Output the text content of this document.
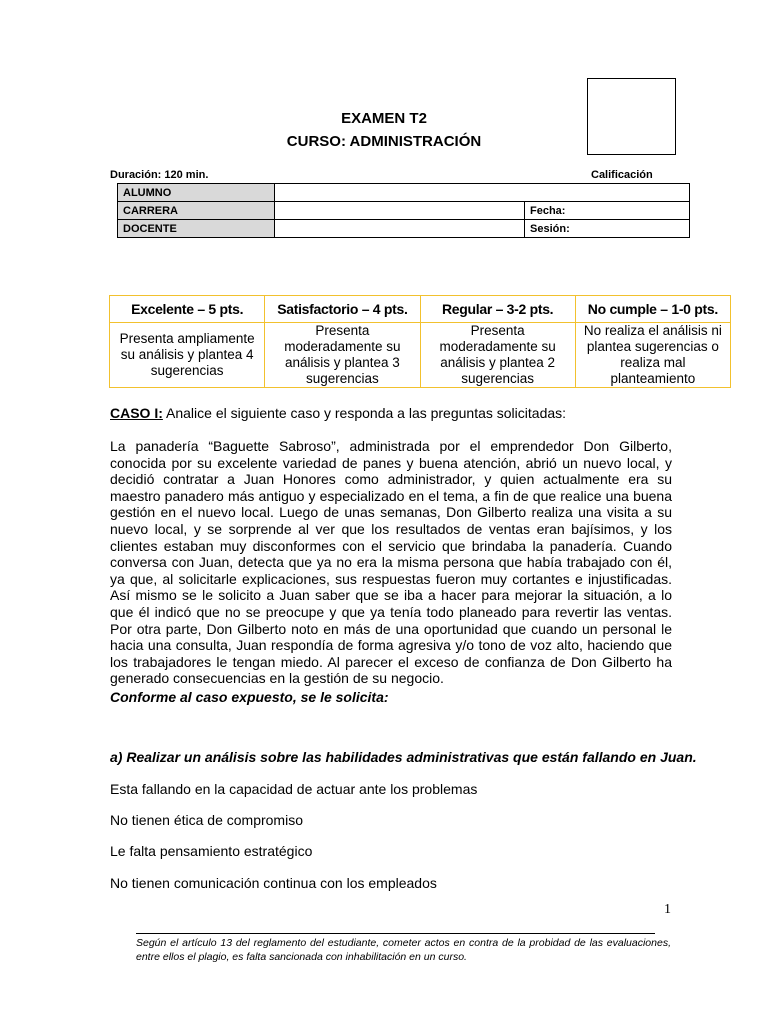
EXAMEN T2
CURSO: ADMINISTRACIÓN
Duración: 120 min.	Calificación
ALUMNO		
CARRERA		Fecha:
DOCENTE		Sesión:
Excelente – 5 pts.	Satisfactorio – 4 pts.	Regular – 3-2 pts.	No cumple – 1-0 pts.
Presenta ampliamente su análisis y plantea 4 sugerencias	Presenta moderadamente su análisis y plantea 3 sugerencias	Presenta moderadamente su análisis y plantea 2 sugerencias	No realiza el análisis ni plantea sugerencias o realiza mal planteamiento
CASO I: Analice el siguiente caso y responda a las preguntas solicitadas:
La panadería “Baguette Sabroso”, administrada por el emprendedor Don Gilberto, conocida por su excelente variedad de panes y buena atención, abrió un nuevo local, y decidió contratar a Juan Honores como administrador, y quien actualmente era su maestro panadero más antiguo y especializado en el tema, a fin de que realice una buena gestión en el nuevo local. Luego de unas semanas, Don Gilberto realiza una visita a su nuevo local, y se sorprende al ver que los resultados de ventas eran bajísimos, y los clientes estaban muy disconformes con el servicio que brindaba la panadería. Cuando conversa con Juan, detecta que ya no era la misma persona que había trabajado con él, ya que, al solicitarle explicaciones, sus respuestas fueron muy cortantes e injustificadas. Así mismo se le solicito a Juan saber que se iba a hacer para mejorar la situación, a lo que él indicó que no se preocupe y que ya tenía todo planeado para revertir las ventas. Por otra parte, Don Gilberto noto en más de una oportunidad que cuando un personal le hacia una consulta, Juan respondía de forma agresiva y/o tono de voz alto, haciendo que los trabajadores le tengan miedo. Al parecer el exceso de confianza de Don Gilberto ha generado consecuencias en la gestión de su negocio.
Conforme al caso expuesto, se le solicita:
a) Realizar un análisis sobre las habilidades administrativas que están fallando en Juan.
Esta fallando en la capacidad de actuar ante los problemas
No tienen ética de compromiso
Le falta pensamiento estratégico
No tienen comunicación continua con los empleados
1
Según el artículo 13 del reglamento del estudiante, cometer actos en contra de la probidad de las evaluaciones, entre ellos el plagio, es falta sancionada con inhabilitación en un curso.
